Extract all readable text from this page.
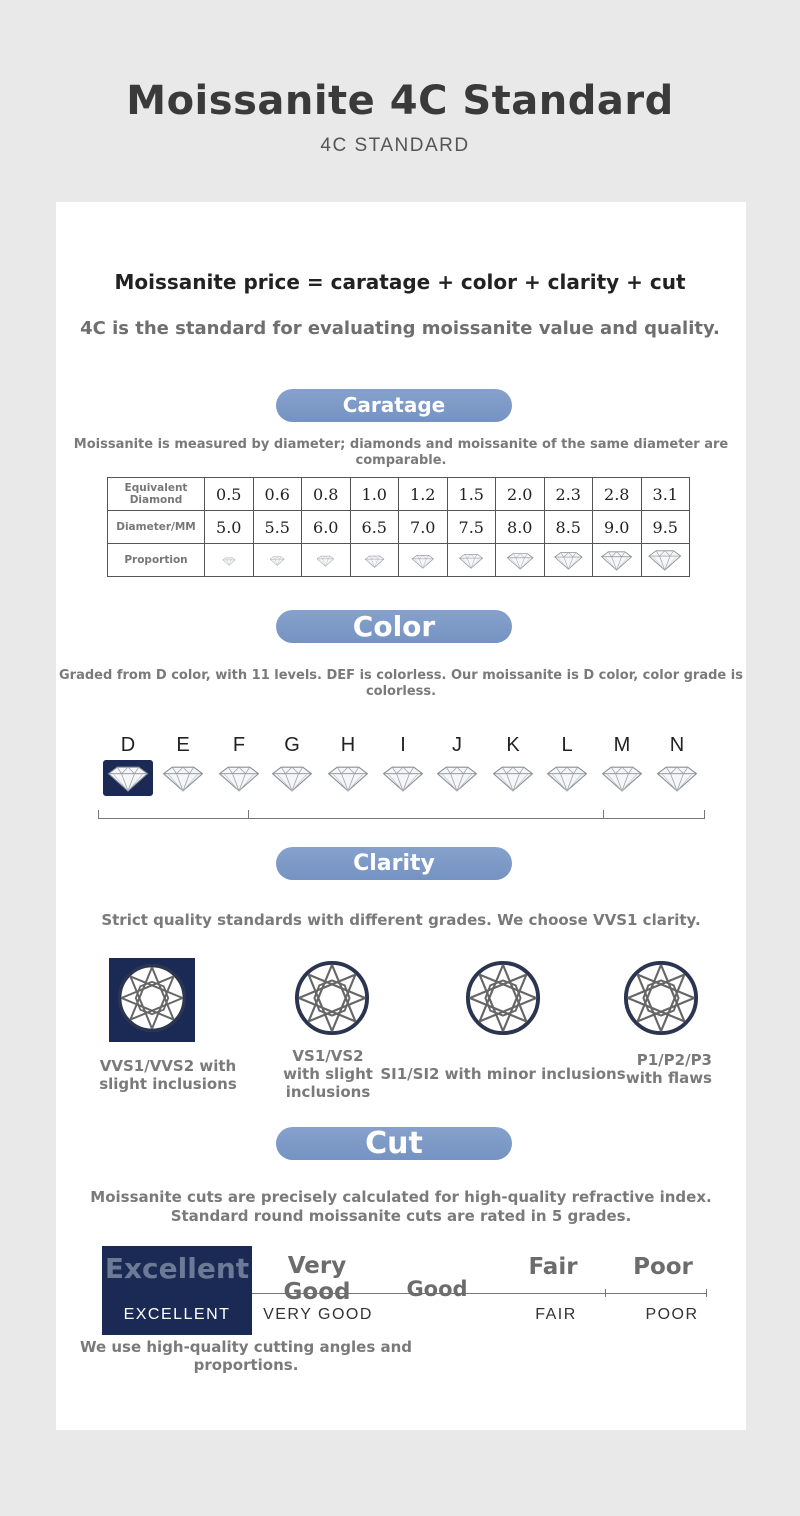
Moissanite 4C Standard
4C STANDARD
Moissanite price = caratage + color + clarity + cut
4C is the standard for evaluating moissanite value and quality.
Caratage
Moissanite is measured by diameter; diamonds and moissanite of the same diameter are comparable.
Equivalent Diamond	0.5	0.6	0.8	1.0	1.2	1.5	2.0	2.3	2.8	3.1
Diameter/MM	5.0	5.5	6.0	6.5	7.0	7.5	8.0	8.5	9.0	9.5
Proportion										
Color
Graded from D color, with 11 levels. DEF is colorless. Our moissanite is D color, color grade is colorless.
D	E	F	G	H	I	J	K	L	M	N
Clarity
Strict quality standards with different grades. We choose VVS1 clarity.
VVS1/VVS2 with slight inclusions
VS1/VS2 with slight inclusions
SI1/SI2 with minor inclusions
P1/P2/P3 with flaws
Cut
Moissanite cuts are precisely calculated for high-quality refractive index.
Standard round moissanite cuts are rated in 5 grades.
Excellent	Very Good	Good
Fair	Poor
EXCELLENT	VERY GOOD	FAIR	POOR
We use high-quality cutting angles and proportions.
